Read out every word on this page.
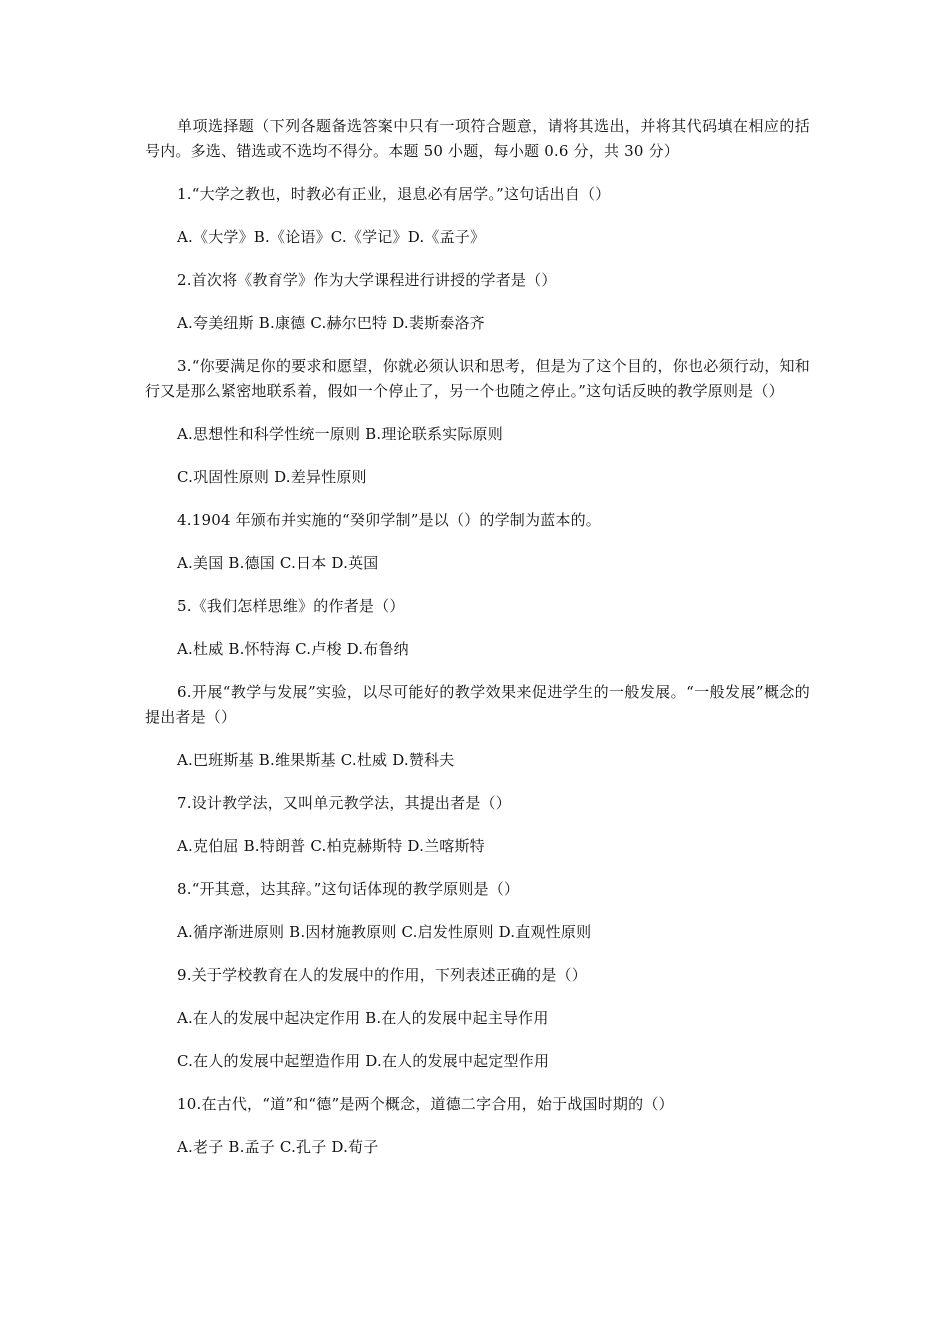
单项选择题（下列各题备选答案中只有一项符合题意，请将其选出，并将其代码填在相应的括号内。多选、错选或不选均不得分。本题 50 小题，每小题 0.6 分，共 30 分）

1.“大学之教也，时教必有正业，退息必有居学。”这句话出自（）

A.《大学》B.《论语》C.《学记》D.《孟子》

2.首次将《教育学》作为大学课程进行讲授的学者是（）

A.夸美纽斯 B.康德 C.赫尔巴特 D.裴斯泰洛齐

3.“你要满足你的要求和愿望，你就必须认识和思考，但是为了这个目的，你也必须行动，知和行又是那么紧密地联系着，假如一个停止了，另一个也随之停止。”这句话反映的教学原则是（）

A.思想性和科学性统一原则 B.理论联系实际原则

C.巩固性原则 D.差异性原则

4.1904 年颁布并实施的“癸卯学制”是以（）的学制为蓝本的。

A.美国 B.德国 C.日本 D.英国

5.《我们怎样思维》的作者是（）

A.杜威 B.怀特海 C.卢梭 D.布鲁纳

6.开展“教学与发展”实验，以尽可能好的教学效果来促进学生的一般发展。“一般发展”概念的提出者是（）

A.巴班斯基 B.维果斯基 C.杜威 D.赞科夫

7.设计教学法，又叫单元教学法，其提出者是（）

A.克伯屈 B.特朗普 C.柏克赫斯特 D.兰喀斯特

8.“开其意，达其辞。”这句话体现的教学原则是（）

A.循序渐进原则 B.因材施教原则 C.启发性原则 D.直观性原则

9.关于学校教育在人的发展中的作用，下列表述正确的是（）

A.在人的发展中起决定作用 B.在人的发展中起主导作用

C.在人的发展中起塑造作用 D.在人的发展中起定型作用

10.在古代，“道”和“德”是两个概念，道德二字合用，始于战国时期的（）

A.老子 B.孟子 C.孔子 D.荀子
